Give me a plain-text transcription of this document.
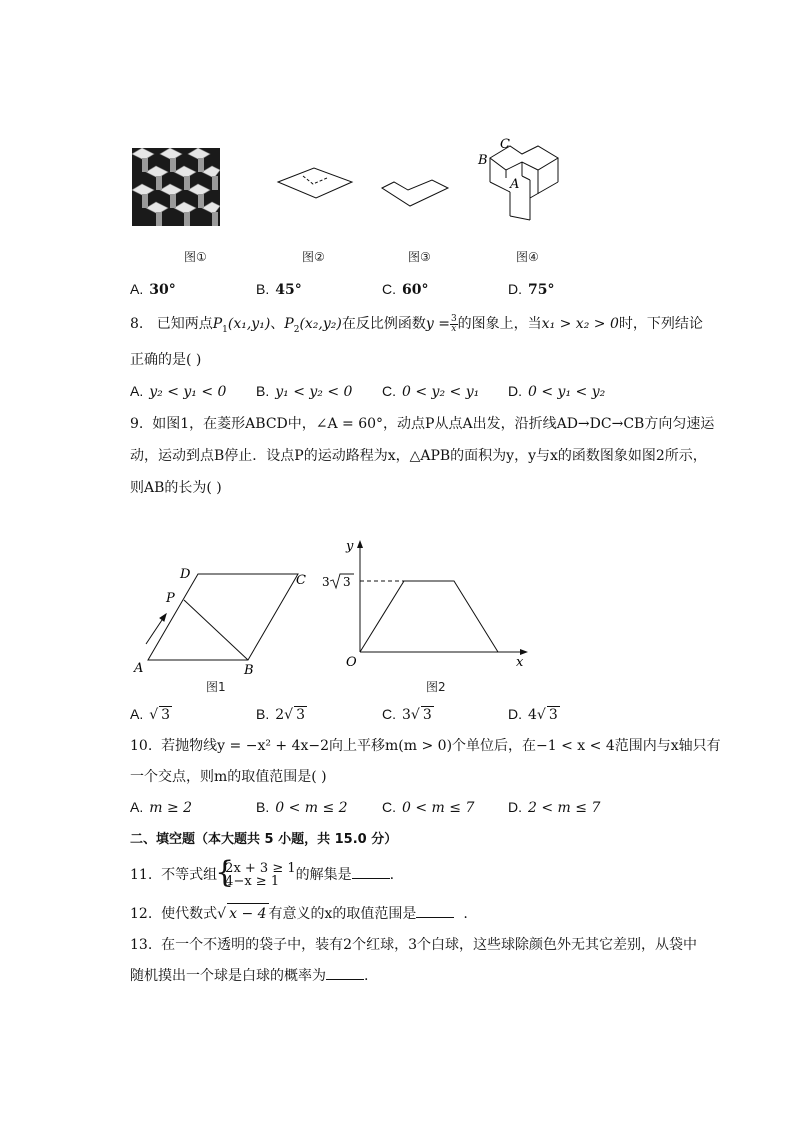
C
B
A
图①	图②	图③	图④
A. 30°	B. 45°	C. 60°	D. 75°
8. 已知两点$P_1(x_1,y_1)$、$P_2(x_2,y_2)$在反比例函数$y = \frac{3}{x}$ 的图象上，当x₁ > x₂ > 0时，下列结论
正确的是( )
A. y₂ < y₁ < 0 B. y₁ < y₂ < 0 C. 0 < y₂ < y₁ D. 0 < y₁ < y₂
9. 如图1，在菱形ABCD中，∠A = 60°，动点P从点A出发，沿折线AD→DC→CB方向匀速运
动，运动到点B停止．设点P的运动路程为x，△APB的面积为y，y与x的函数图象如图2所示，
则AB的长为( )
A	B
C
D
P
图1
y
x
O
3 3
图2
A. √ 3	B. 2√ 3	C. 3√ 3	D. 4√ 3
10. 若抛物线y = −x² + 4x−2向上平移m(m > 0)个单位后，在−1 < x < 4范围内与x轴只有
一个交点，则m的取值范围是( )
A. m ≥ 2	B. 0 < m ≤ 2 C. 0 < m ≤ 7 D. 2 < m ≤ 7
二、填空题（本大题共 5 小题，共 15.0 分）
11. 不等式组
{ 2x + 3 ≥ 1
4−x ≥ 1	的解集是	.
12. 使代数式√ x − 4 有意义的x的取值范围是	.
13. 在一个不透明的袋子中，装有2个红球，3个白球，这些球除颜色外无其它差别，从袋中
随机摸出一个球是白球的概率为	.
